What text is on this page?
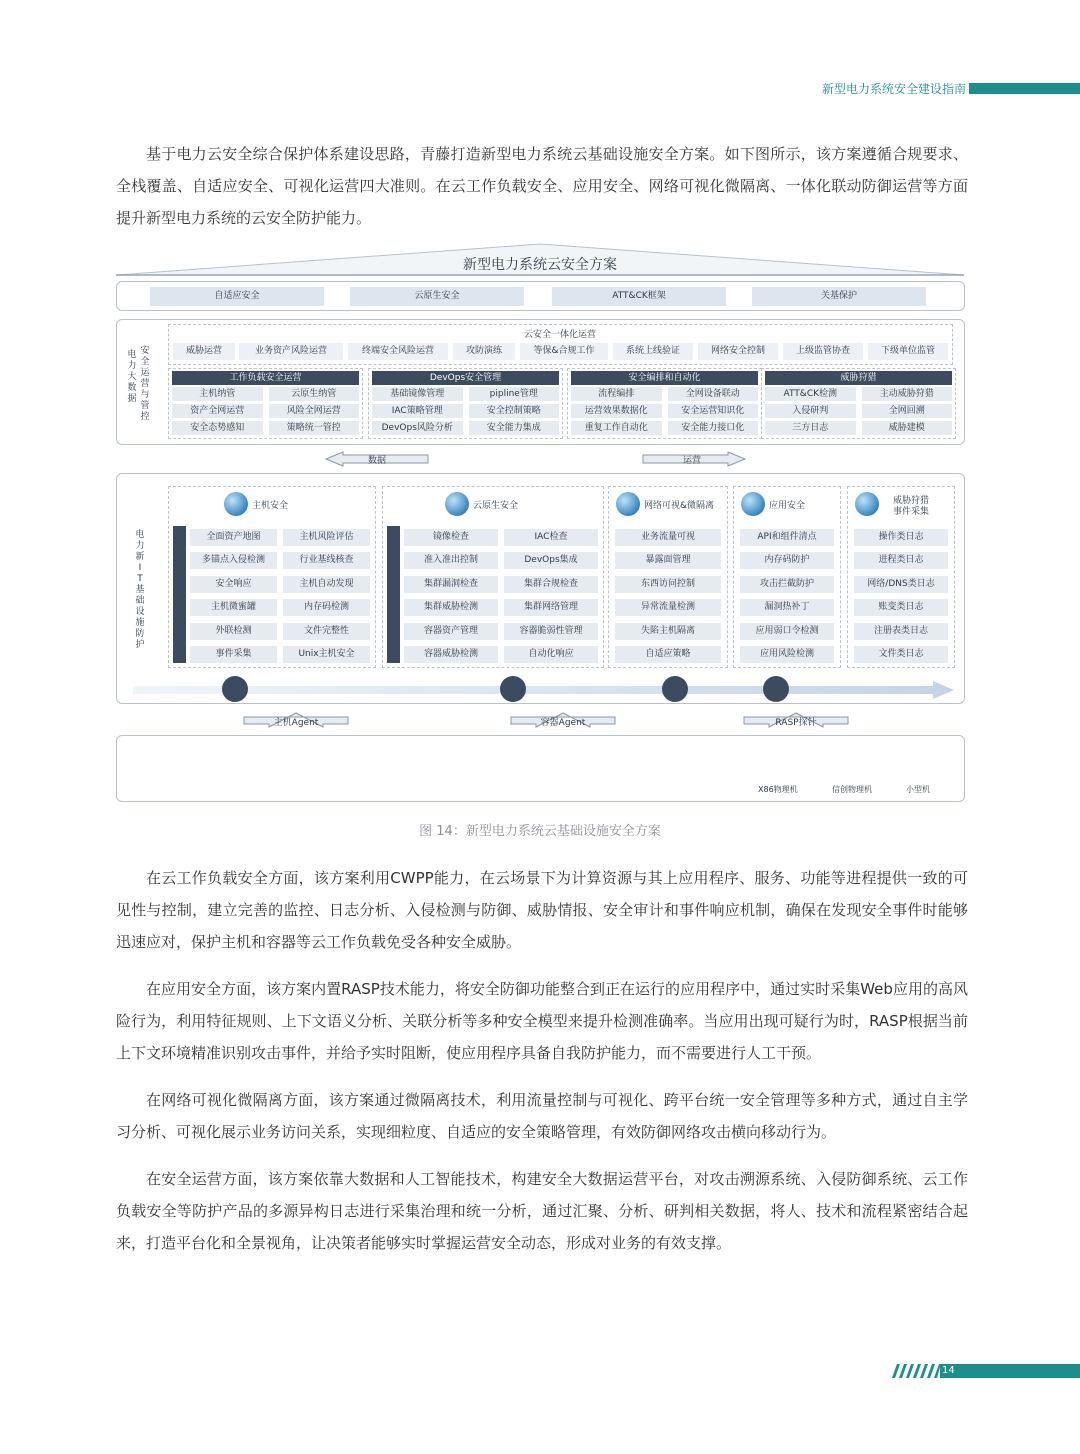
新型电力系统安全建设指南

基于电力云安全综合保护体系建设思路，青藤打造新型电力系统云基础设施安全方案。如下图所示，该方案遵循合规要求、全栈覆盖、自适应安全、可视化运营四大准则。在云工作负载安全、应用安全、网络可视化微隔离、一体化联动防御运营等方面提升新型电力系统的云安全防护能力。

新型电力系统云安全方案
自适应安全	云原生安全	ATT&CK框架	关基保护
电
力
大
数
据
安
全
运
营
与
管
控
云安全一体化运营
威胁运营	业务资产风险运营	终端安全风险运营	攻防演练	等保&合规工作	系统上线验证	网络安全控制	上级监管协查	下级单位监管
工作负载安全运营
主机纳管	云原生纳管
资产全网运营	风险全网运营
安全态势感知	策略统一管控
DevOps安全管理
基础镜像管理	pipline管理
IAC策略管理	安全控制策略
DevOps风险分析	安全能力集成
安全编排和自动化
流程编排	全网设备联动
运营效果数据化	安全运营知识化
重复工作自动化	安全能力接口化
威胁狩猎
ATT&CK检测	主动威胁狩猎
入侵研判	全网回溯
三方日志	威胁建模
数据	运营
电
力
新
I
T
基
础
设
施
防
护
主机安全
全面资产地图	主机风险评估
多锚点入侵检测	行业基线核查
安全响应	主机自动发现
主机微蜜罐	内存码检测
外联检测	文件完整性
事件采集	Unix主机安全
云原生安全
镜像检查	IAC检查
准入准出控制	DevOps集成
集群漏洞检查	集群合规检查
集群威胁检测	集群网络管理
容器资产管理	容器脆弱性管理
容器威胁检测	自动化响应
网络可视&微隔离
业务流量可视
暴露面管理
东西访问控制
异常流量检测
失陷主机隔离
自适应策略
应用安全
API和组件清点
内存码防护
攻击拦截防护
漏洞热补丁
应用弱口令检测
应用风险检测
威胁狩猎
事件采集
操作类日志
进程类日志
网络/DNS类日志
账变类日志
注册表类日志
文件类日志
主机Agent	容器Agent	RASP探针
X86物理机	信创物理机	小型机
图 14：新型电力系统云基础设施安全方案

在云工作负载安全方面，该方案利用CWPP能力，在云场景下为计算资源与其上应用程序、服务、功能等进程提供一致的可见性与控制，建立完善的监控、日志分析、入侵检测与防御、威胁情报、安全审计和事件响应机制，确保在发现安全事件时能够迅速应对，保护主机和容器等云工作负载免受各种安全威胁。

在应用安全方面，该方案内置RASP技术能力，将安全防御功能整合到正在运行的应用程序中，通过实时采集Web应用的高风险行为，利用特征规则、上下文语义分析、关联分析等多种安全模型来提升检测准确率。当应用出现可疑行为时，RASP根据当前上下文环境精准识别攻击事件，并给予实时阻断，使应用程序具备自我防护能力，而不需要进行人工干预。

在网络可视化微隔离方面，该方案通过微隔离技术，利用流量控制与可视化、跨平台统一安全管理等多种方式，通过自主学习分析、可视化展示业务访问关系，实现细粒度、自适应的安全策略管理，有效防御网络攻击横向移动行为。

在安全运营方面，该方案依靠大数据和人工智能技术，构建安全大数据运营平台，对攻击溯源系统、入侵防御系统、云工作负载安全等防护产品的多源异构日志进行采集治理和统一分析，通过汇聚、分析、研判相关数据，将人、技术和流程紧密结合起来，打造平台化和全景视角，让决策者能够实时掌握运营安全动态，形成对业务的有效支撑。

14
